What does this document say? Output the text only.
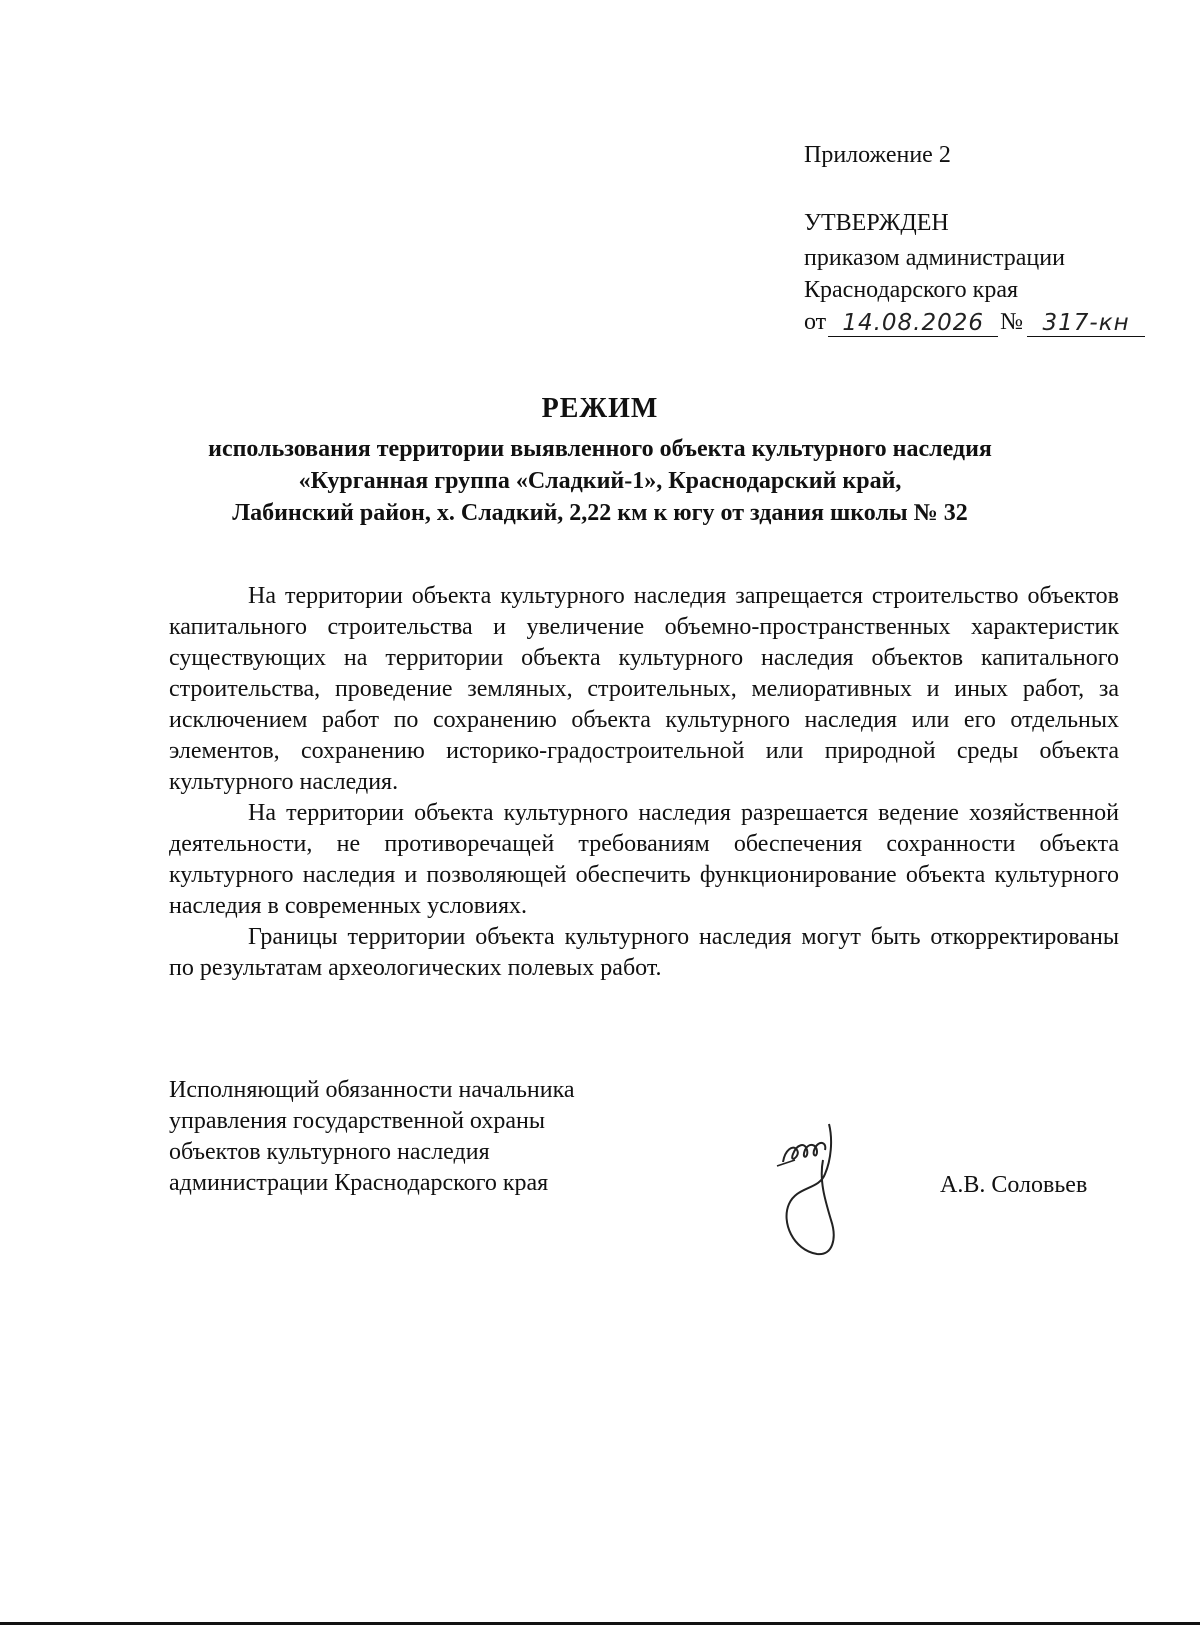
Приложение 2
УТВЕРЖДЕН
приказом администрации
Краснодарского края
от 14.08.2026 № 317-кн
РЕЖИМ
использования территории выявленного объекта культурного наследия
«Курганная группа «Сладкий-1», Краснодарский край,
Лабинский район, х. Сладкий, 2,22 км к югу от здания школы № 32

На территории объекта культурного наследия запрещается строительство объектов капитального строительства и увеличение объемно-пространственных характеристик существующих на территории объекта культурного наследия объектов капитального строительства, проведение земляных, строительных, мелиоративных и иных работ, за исключением работ по сохранению объекта культурного наследия или его отдельных элементов, сохранению историко-градостроительной или природной среды объекта культурного наследия.

На территории объекта культурного наследия разрешается ведение хозяйственной деятельности, не противоречащей требованиям обеспечения сохранности объекта культурного наследия и позволяющей обеспечить функционирование объекта культурного наследия в современных условиях.

Границы территории объекта культурного наследия могут быть откорректированы по результатам археологических полевых работ.

Исполняющий обязанности начальника
управления государственной охраны
объектов культурного наследия
администрации Краснодарского края	А.В. Соловьев
